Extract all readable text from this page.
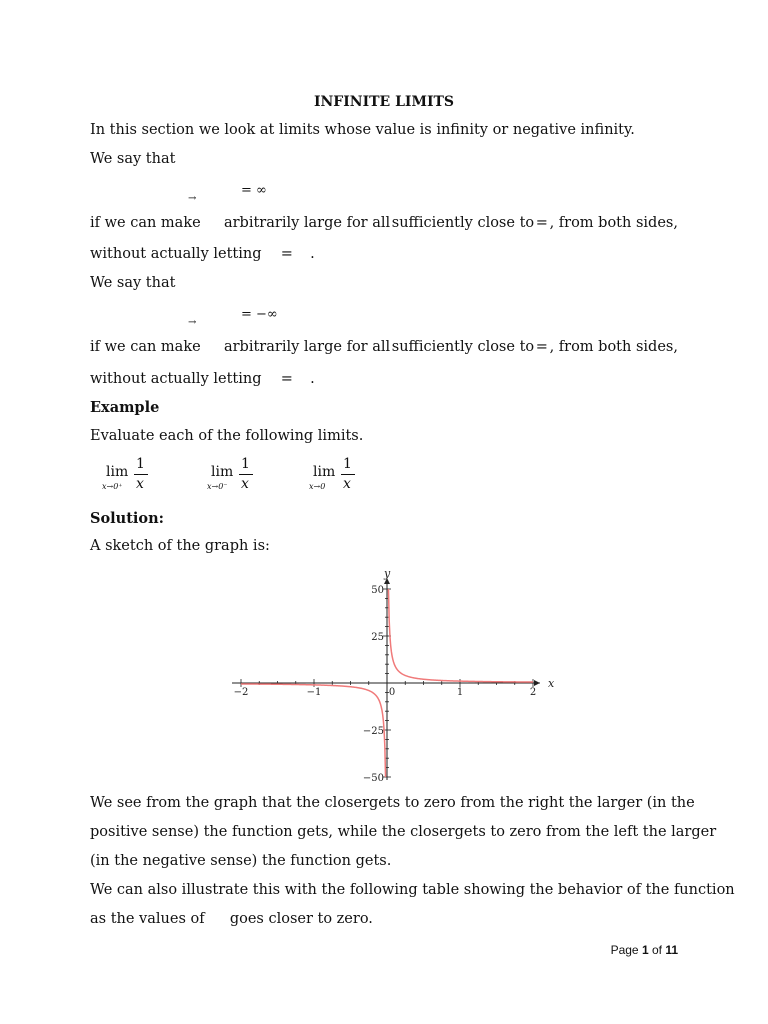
INFINITE LIMITS
In this section we look at limits whose value is infinity or negative infinity.
We say that
= ∞
→
if we can make arbitrarily large for all sufficiently close to = , from both sides,
without actually letting = .
We say that
= −∞
→
if we can make arbitrarily large for all sufficiently close to = , from both sides,
without actually letting = .
Example
Evaluate each of the following limits.
lim
x→0⁺
1
x
lim
x→0⁻
1
x
lim
x→0
1
x
Solution:
A sketch of the graph is:
−2	−1	0	1	2
50
25
−25
−50
x
y
We see from the graph that the closer gets to zero from the right the larger (in the
positive sense) the function gets, while the closer gets to zero from the left the larger
(in the negative sense) the function gets.
We can also illustrate this with the following table showing the behavior of the function
as the values of goes closer to zero.
Page 1 of 11
